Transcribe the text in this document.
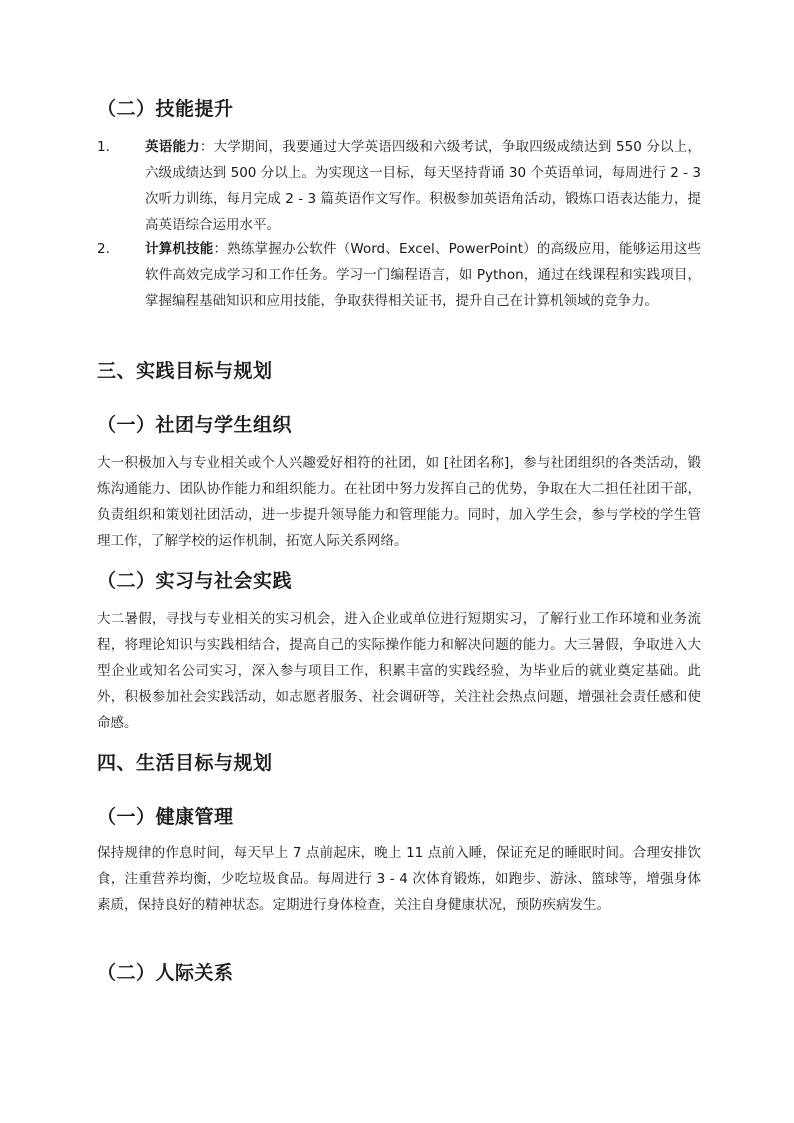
（二）技能提升
1.	英语能力：大学期间，我要通过大学英语四级和六级考试，争取四级成绩达到 550 分以上，六级成绩达到 500 分以上。为实现这一目标，每天坚持背诵 30 个英语单词，每周进行 2 - 3 次听力训练，每月完成 2 - 3 篇英语作文写作。积极参加英语角活动，锻炼口语表达能力，提高英语综合运用水平。
2.	计算机技能：熟练掌握办公软件（Word、Excel、PowerPoint）的高级应用，能够运用这些软件高效完成学习和工作任务。学习一门编程语言，如 Python，通过在线课程和实践项目，掌握编程基础知识和应用技能，争取获得相关证书，提升自己在计算机领域的竞争力。
三、实践目标与规划
（一）社团与学生组织

大一积极加入与专业相关或个人兴趣爱好相符的社团，如 [社团名称]，参与社团组织的各类活动，锻炼沟通能力、团队协作能力和组织能力。在社团中努力发挥自己的优势，争取在大二担任社团干部，负责组织和策划社团活动，进一步提升领导能力和管理能力。同时，加入学生会，参与学校的学生管理工作，了解学校的运作机制，拓宽人际关系网络。

（二）实习与社会实践

大二暑假，寻找与专业相关的实习机会，进入企业或单位进行短期实习，了解行业工作环境和业务流程，将理论知识与实践相结合，提高自己的实际操作能力和解决问题的能力。大三暑假，争取进入大型企业或知名公司实习，深入参与项目工作，积累丰富的实践经验，为毕业后的就业奠定基础。此外，积极参加社会实践活动，如志愿者服务、社会调研等，关注社会热点问题，增强社会责任感和使命感。

四、生活目标与规划
（一）健康管理

保持规律的作息时间，每天早上 7 点前起床，晚上 11 点前入睡，保证充足的睡眠时间。合理安排饮食，注重营养均衡，少吃垃圾食品。每周进行 3 - 4 次体育锻炼，如跑步、游泳、篮球等，增强身体素质，保持良好的精神状态。定期进行身体检查，关注自身健康状况，预防疾病发生。

（二）人际关系
